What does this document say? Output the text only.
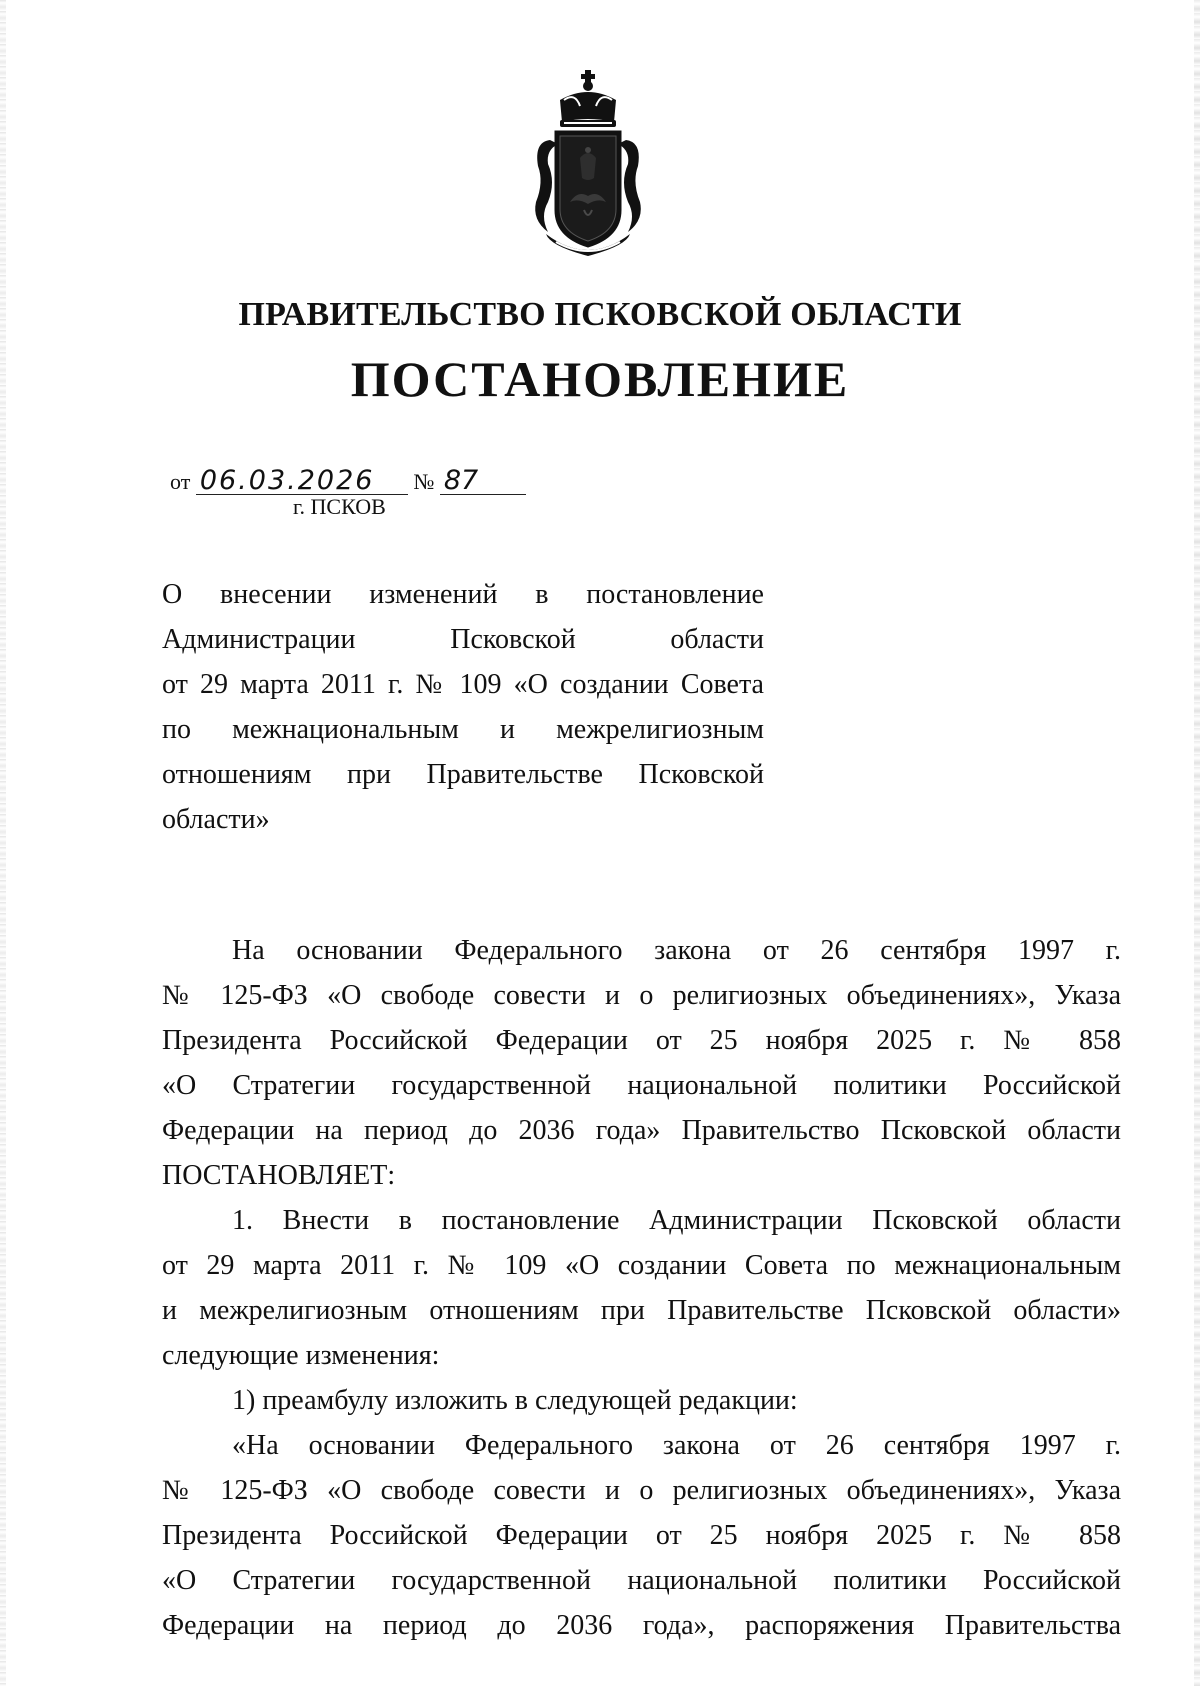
ПРАВИТЕЛЬСТВО ПСКОВСКОЙ ОБЛАСТИ
ПОСТАНОВЛЕНИЕ
от 06.03.2026 № 87
г. ПСКОВ
О внесении изменений в постановление
Администрации Псковской области
от 29 марта 2011 г. № 109 «О создании Совета
по межнациональным и межрелигиозным
отношениям при Правительстве Псковской
области»
На основании Федерального закона от 26 сентября 1997 г.
№ 125-ФЗ «О свободе совести и о религиозных объединениях», Указа
Президента Российской Федерации от 25 ноября 2025 г. № 858
«О Стратегии государственной национальной политики Российской
Федерации на период до 2036 года» Правительство Псковской области
ПОСТАНОВЛЯЕТ:
1. Внести в постановление Администрации Псковской области
от 29 марта 2011 г. № 109 «О создании Совета по межнациональным
и межрелигиозным отношениям при Правительстве Псковской области»
следующие изменения:
1) преамбулу изложить в следующей редакции:
«На основании Федерального закона от 26 сентября 1997 г.
№ 125-ФЗ «О свободе совести и о религиозных объединениях», Указа
Президента Российской Федерации от 25 ноября 2025 г. № 858
«О Стратегии государственной национальной политики Российской
Федерации на период до 2036 года», распоряжения Правительства
